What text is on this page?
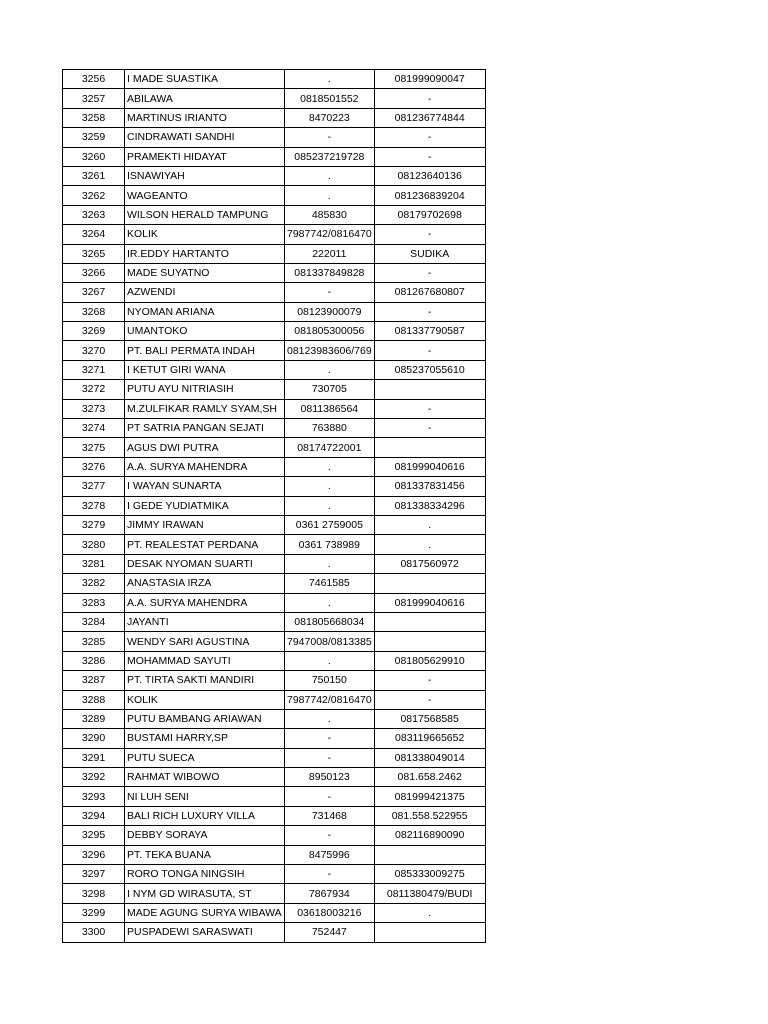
3256	I MADE SUASTIKA	.	081999090047
3257	ABILAWA	0818501552	-
3258	MARTINUS IRIANTO	8470223	081236774844
3259	CINDRAWATI SANDHI	-	-
3260	PRAMEKTI HIDAYAT	085237219728	-
3261	ISNAWIYAH	.	08123640136
3262	WAGEANTO	.	081236839204
3263	WILSON HERALD TAMPUNG	485830	08179702698
3264	KOLIK	7987742/0816470	-
3265	IR.EDDY HARTANTO	222011	SUDIKA
3266	MADE SUYATNO	081337849828	-
3267	AZWENDI	-	081267680807
3268	NYOMAN ARIANA	08123900079	-
3269	UMANTOKO	081805300056	081337790587
3270	PT. BALI PERMATA INDAH	08123983606/769	-
3271	I KETUT GIRI WANA	.	085237055610
3272	PUTU AYU NITRIASIH	730705	
3273	M.ZULFIKAR RAMLY SYAM,SH	0811386564	-
3274	PT SATRIA PANGAN SEJATI	763880	-
3275	AGUS DWI PUTRA	08174722001	
3276	A.A. SURYA MAHENDRA	.	081999040616
3277	I WAYAN SUNARTA	.	081337831456
3278	I GEDE YUDIATMIKA	.	081338334296
3279	JIMMY IRAWAN	0361 2759005	.
3280	PT. REALESTAT PERDANA	0361 738989	.
3281	DESAK NYOMAN SUARTI	.	0817560972
3282	ANASTASIA IRZA	7461585	
3283	A.A. SURYA MAHENDRA	.	081999040616
3284	JAYANTI	081805668034	
3285	WENDY SARI AGUSTINA	7947008/0813385	
3286	MOHAMMAD SAYUTI	.	081805629910
3287	PT. TIRTA SAKTI MANDIRI	750150	-
3288	KOLIK	7987742/0816470	-
3289	PUTU BAMBANG ARIAWAN	.	0817568585
3290	BUSTAMI HARRY,SP	-	083119665652
3291	PUTU SUECA	-	081338049014
3292	RAHMAT WIBOWO	8950123	081.658.2462
3293	NI LUH SENI	-	081999421375
3294	BALI RICH LUXURY VILLA	731468	081.558.522955
3295	DEBBY SORAYA	-	082116890090
3296	PT. TEKA BUANA	8475996	
3297	RORO TONGA NINGSIH	-	085333009275
3298	I NYM GD WIRASUTA, ST	7867934	0811380479/BUDI
3299	MADE AGUNG SURYA WIBAWA	03618003216	.
3300	PUSPADEWI SARASWATI	752447	
